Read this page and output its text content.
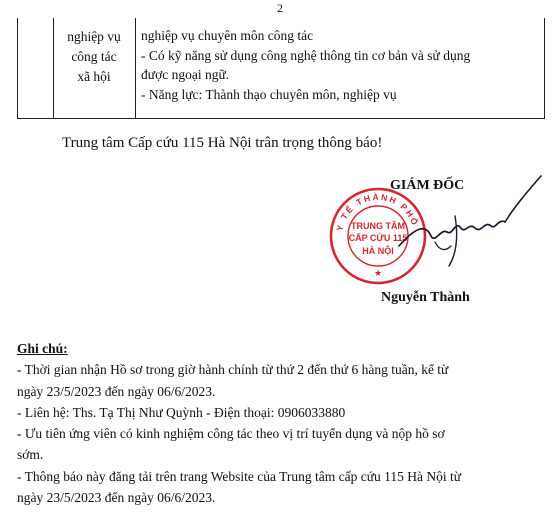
2
nghiệp vụ
công tác
xã hội
nghiệp vụ chuyên môn công tác
- Có kỹ năng sử dụng công nghệ thông tin cơ bản và sử dụng
được ngoại ngữ.
- Năng lực: Thành thạo chuyên môn, nghiệp vụ
Trung tâm Cấp cứu 115 Hà Nội trân trọng thông báo!
GIÁM ĐỐC
Y TẾ THÀNH PHỐ
TRUNG TÂM
CẤP CỨU 115
HÀ NỘI
★
Nguyễn Thành
Ghi chú:
- Thời gian nhận Hồ sơ trong giờ hành chính từ thứ 2 đến thứ 6 hàng tuần, kể từ
ngày 23/5/2023 đến ngày 06/6/2023.
- Liên hệ: Ths. Tạ Thị Như Quỳnh - Điện thoại: 0906033880
- Ưu tiên ứng viên có kinh nghiệm công tác theo vị trí tuyển dụng và nộp hồ sơ
sớm.
- Thông báo này đăng tải trên trang Website của Trung tâm cấp cứu 115 Hà Nội từ
ngày 23/5/2023 đến ngày 06/6/2023.
